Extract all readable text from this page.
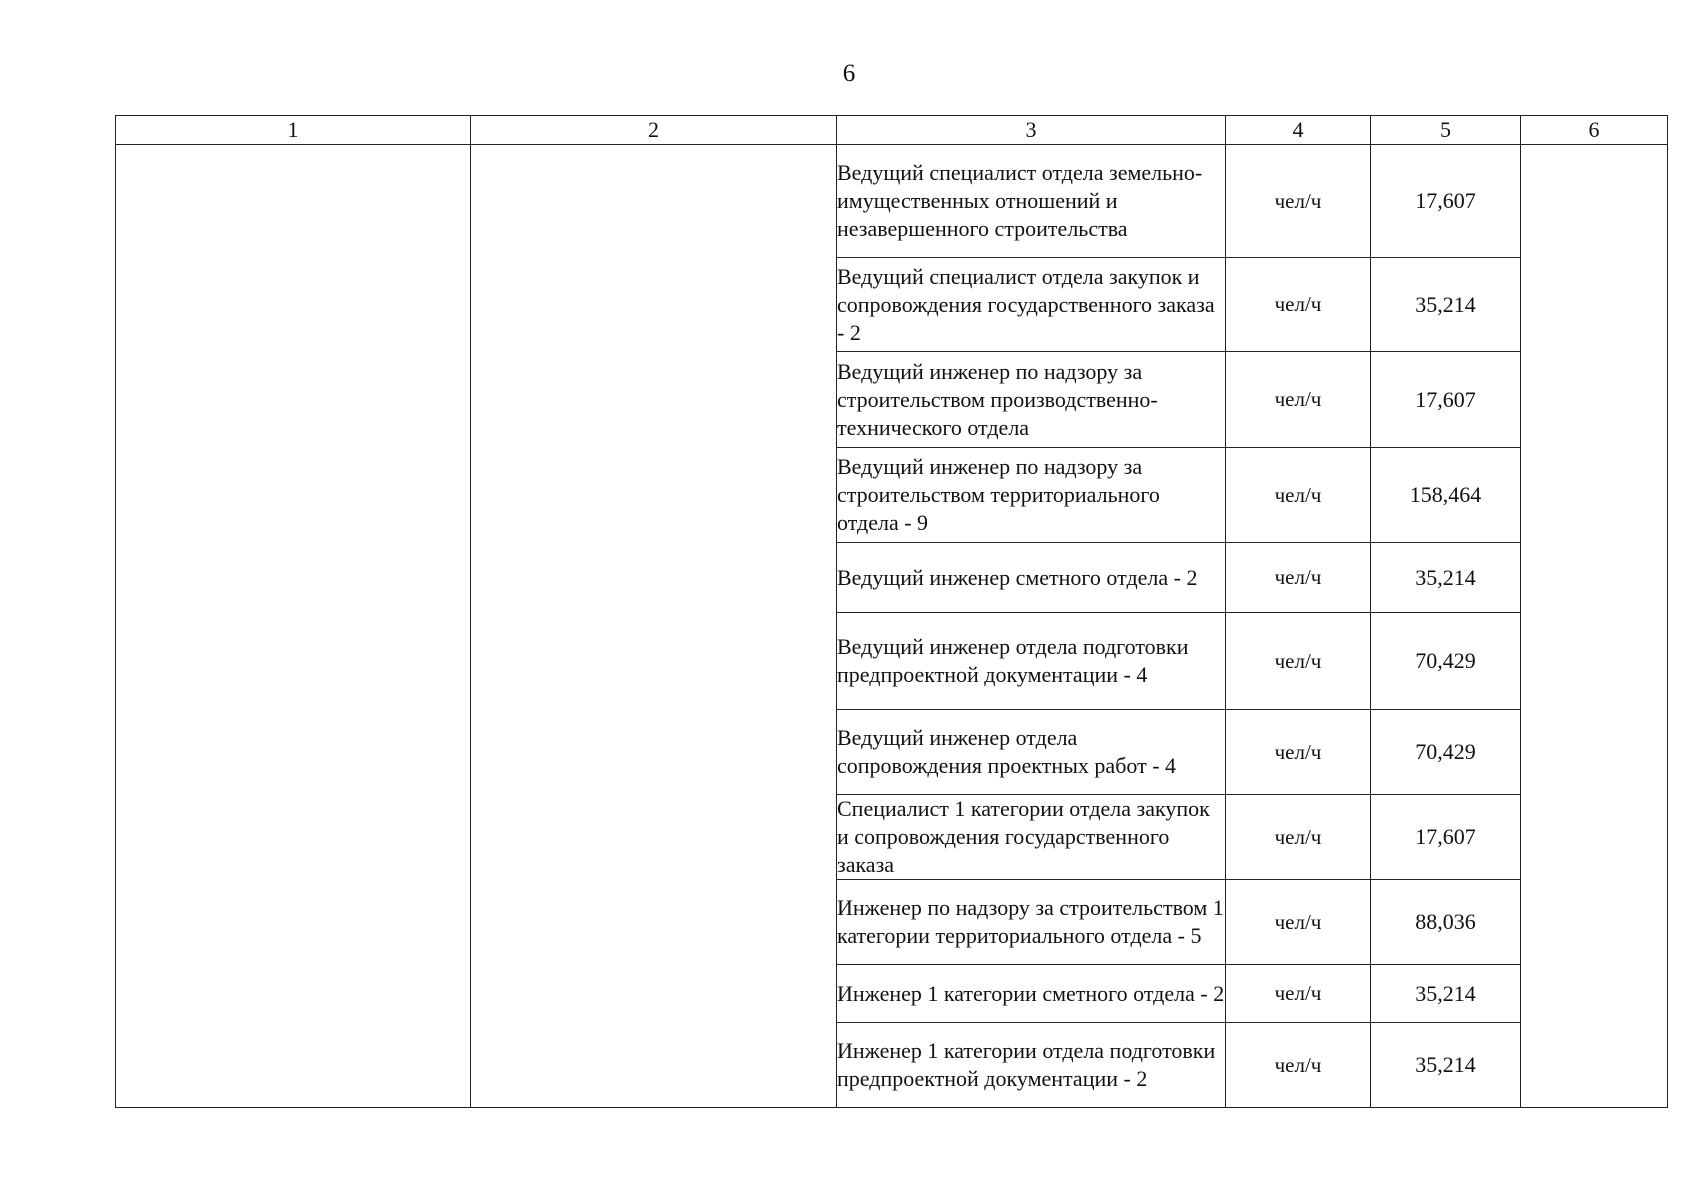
6
1	2	3	4	5	6
		Ведущий специалист отдела земельно-имущественных отношений и незавершенного строительства	чел/ч	17,607	
		Ведущий специалист отдела закупок и сопровождения государственного заказа - 2	чел/ч	35,214	
		Ведущий инженер по надзору за строительством производственно-технического отдела	чел/ч	17,607	
		Ведущий инженер по надзору за строительством территориального отдела - 9	чел/ч	158,464	
		Ведущий инженер сметного отдела - 2	чел/ч	35,214	
		Ведущий инженер отдела подготовки предпроектной документации - 4	чел/ч	70,429	
		Ведущий инженер отдела сопровождения проектных работ - 4	чел/ч	70,429	
		Специалист 1 категории отдела закупок и сопровождения государственного заказа	чел/ч	17,607	
		Инженер по надзору за строительством 1 категории территориального отдела - 5	чел/ч	88,036	
		Инженер 1 категории сметного отдела - 2	чел/ч	35,214	
		Инженер 1 категории отдела подготовки предпроектной документации - 2	чел/ч	35,214	
